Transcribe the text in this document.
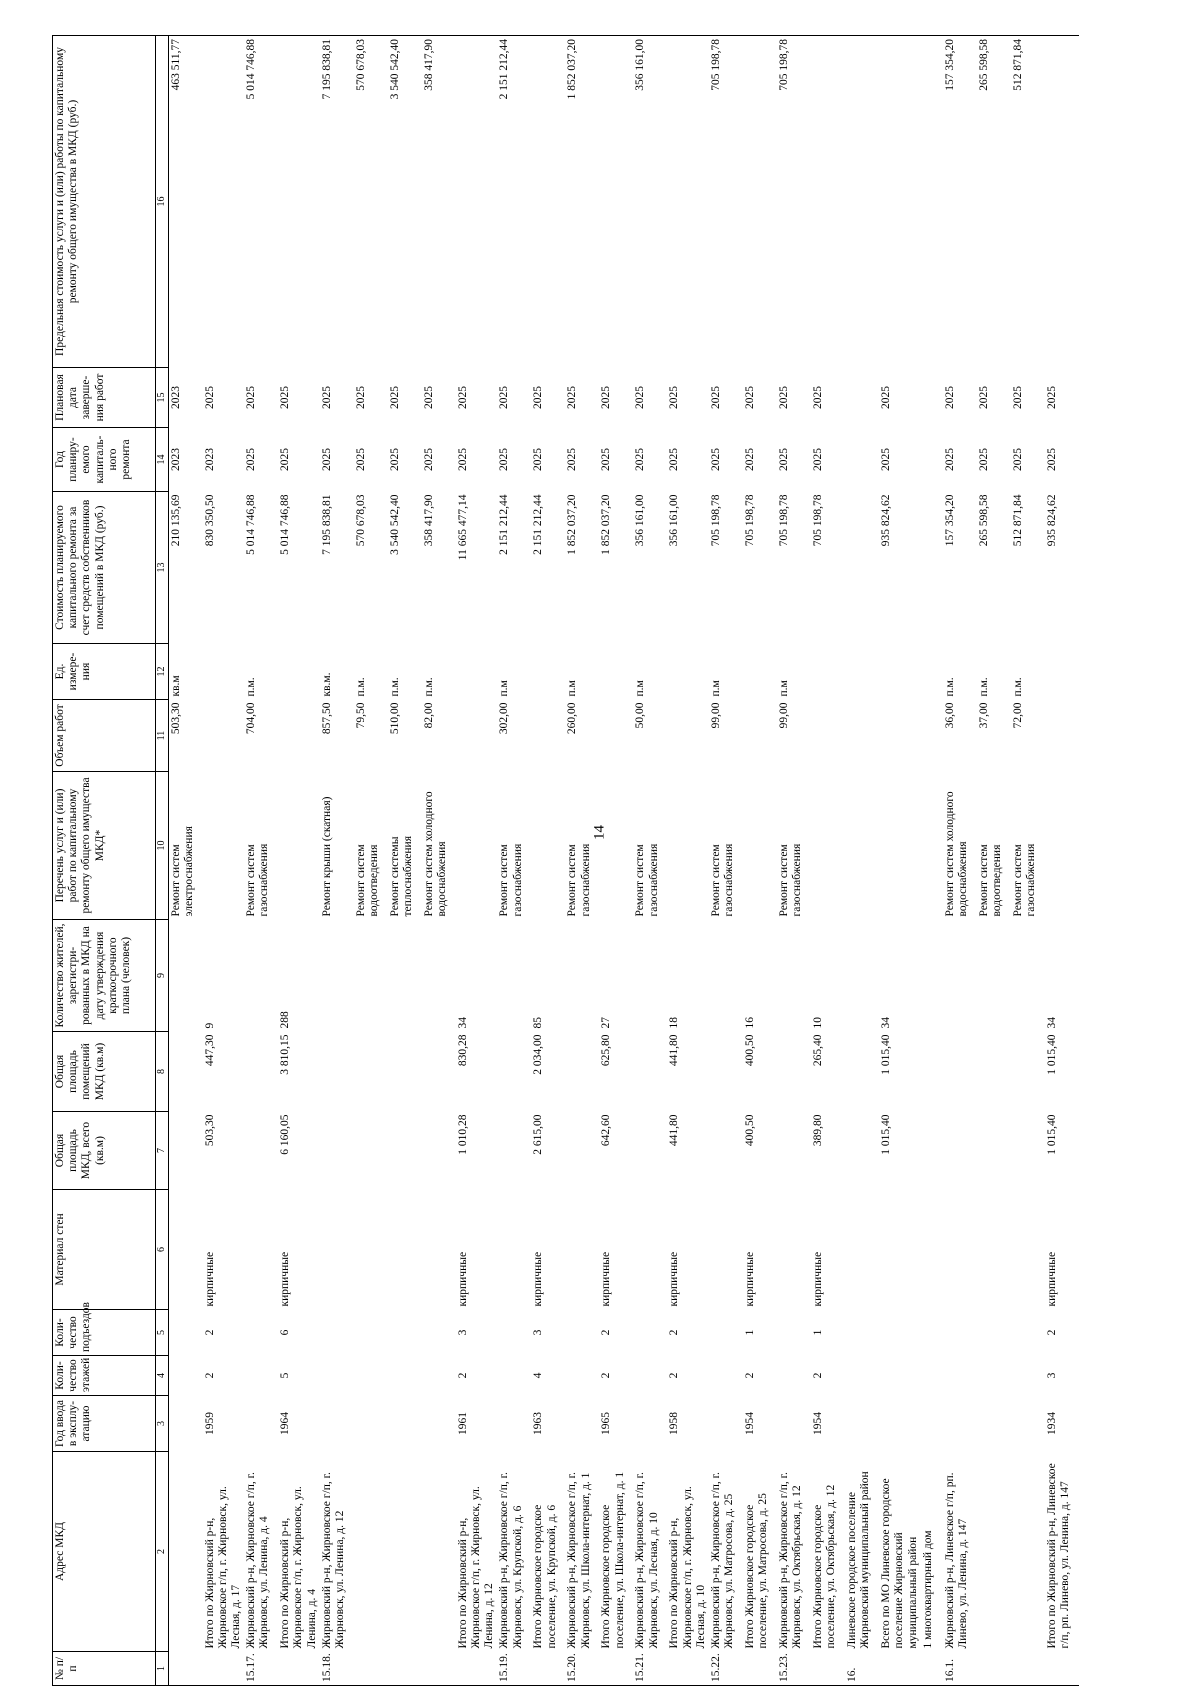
14
№ п/п	Адрес МКД	Год ввода в эксплу-атацию	Коли-чество этажей	Коли-чество подъездов	Материал стен	Общая площадь МКД, всего (кв.м)	Общая площадь помещений МКД (кв.м)	Количество жителей, зарегистри-рованных в МКД на дату утверждения краткосрочного плана (человек)	Перечень услуг и (или) работ по капитальному ремонту общего имущества МКД*	Объем работ	Ед. измере-ния	Стоимость планируемого капитального ремонта за счет средств собственников помещений в МКД (руб.)	Год планиру-емого капиталь-ного ремонта	Плановая дата заверше-ния работ	Предельная стоимость услуги и (или) работы по капитальному ремонту общего имущества в МКД (руб.)
1	2	3	4	5	6	7	8	9	10	11	12	13	14	15	16
									Ремонт систем электроснабжения	503,30	кв.м	210 135,69	2023	2023	463 511,77
	Итого по Жирновский р-н, Жирновское г/п, г. Жирновск, ул. Лесная, д. 17	1959	2	2	кирпичные	503,30	447,30	9				830 350,50	2023	2025	
15.17.	Жирновский р-н, Жирновское г/п, г. Жирновск, ул. Ленина, д. 4								Ремонт систем газоснабжения	704,00	п.м.	5 014 746,88	2025	2025	5 014 746,88
	Итого по Жирновский р-н, Жирновское г/п, г. Жирновск, ул. Ленина, д. 4	1964	5	6	кирпичные	6 160,05	3 810,15	288				5 014 746,88	2025	2025	
15.18.	Жирновский р-н, Жирновское г/п, г. Жирновск, ул. Ленина, д. 12								Ремонт крыши (скатная)	857,50	кв.м.	7 195 838,81	2025	2025	7 195 838,81
									Ремонт систем водоотведения	79,50	п.м.	570 678,03	2025	2025	570 678,03
									Ремонт системы теплоснабжения	510,00	п.м.	3 540 542,40	2025	2025	3 540 542,40
									Ремонт систем холодного водоснабжения	82,00	п.м.	358 417,90	2025	2025	358 417,90
	Итого по Жирновский р-н, Жирновское г/п, г. Жирновск, ул. Ленина, д. 12	1961	2	3	кирпичные	1 010,28	830,28	34				11 665 477,14	2025	2025	
15.19.	Жирновский р-н, Жирновское г/п, г. Жирновск, ул. Крупской, д. 6								Ремонт систем газоснабжения	302,00	п.м	2 151 212,44	2025	2025	2 151 212,44
	Итого Жирновское городское поселение, ул. Крупской, д. 6	1963	4	3	кирпичные	2 615,00	2 034,00	85				2 151 212,44	2025	2025	
15.20.	Жирновский р-н, Жирновское г/п, г. Жирновск, ул. Школа-интернат, д. 1								Ремонт систем газоснабжения	260,00	п.м	1 852 037,20	2025	2025	1 852 037,20
	Итого Жирновское городское поселение, ул. Школа-интернат, д. 1	1965	2	2	кирпичные	642,60	625,80	27				1 852 037,20	2025	2025	
15.21.	Жирновский р-н, Жирновское г/п, г. Жирновск, ул. Лесная, д. 10								Ремонт систем газоснабжения	50,00	п.м	356 161,00	2025	2025	356 161,00
	Итого по Жирновский р-н, Жирновское г/п, г. Жирновск, ул. Лесная, д. 10	1958	2	2	кирпичные	441,80	441,80	18				356 161,00	2025	2025	
15.22.	Жирновский р-н, Жирновское г/п, г. Жирновск, ул. Матросова, д. 25								Ремонт систем газоснабжения	99,00	п.м	705 198,78	2025	2025	705 198,78
	Итого Жирновское городское поселение, ул. Матросова, д. 25	1954	2	1	кирпичные	400,50	400,50	16				705 198,78	2025	2025	
15.23.	Жирновский р-н, Жирновское г/п, г. Жирновск, ул. Октябрьская, д. 12								Ремонт систем газоснабжения	99,00	п.м	705 198,78	2025	2025	705 198,78
	Итого Жирновское городское поселение, ул. Октябрьская, д. 12	1954	2	1	кирпичные	389,80	265,40	10				705 198,78	2025	2025	
16.	Линевское городское поселение Жирновский муниципальный район														
	Всего по МО Линевское городское поселение Жирновский муниципальный район					1 015,40	1 015,40	34				935 824,62	2025	2025	
	1 многоквартирный дом														
16.1.	Жирновский р-н, Линевское г/п, рп. Линево, ул. Ленина, д. 147								Ремонт систем холодного водоснабжения	36,00	п.м.	157 354,20	2025	2025	157 354,20
									Ремонт систем водоотведения	37,00	п.м.	265 598,58	2025	2025	265 598,58
									Ремонт систем газоснабжения	72,00	п.м.	512 871,84	2025	2025	512 871,84
	Итого по Жирновский р-н, Линевское г/п, рп. Линево, ул. Ленина, д. 147	1934	3	2	кирпичные	1 015,40	1 015,40	34				935 824,62	2025	2025	
